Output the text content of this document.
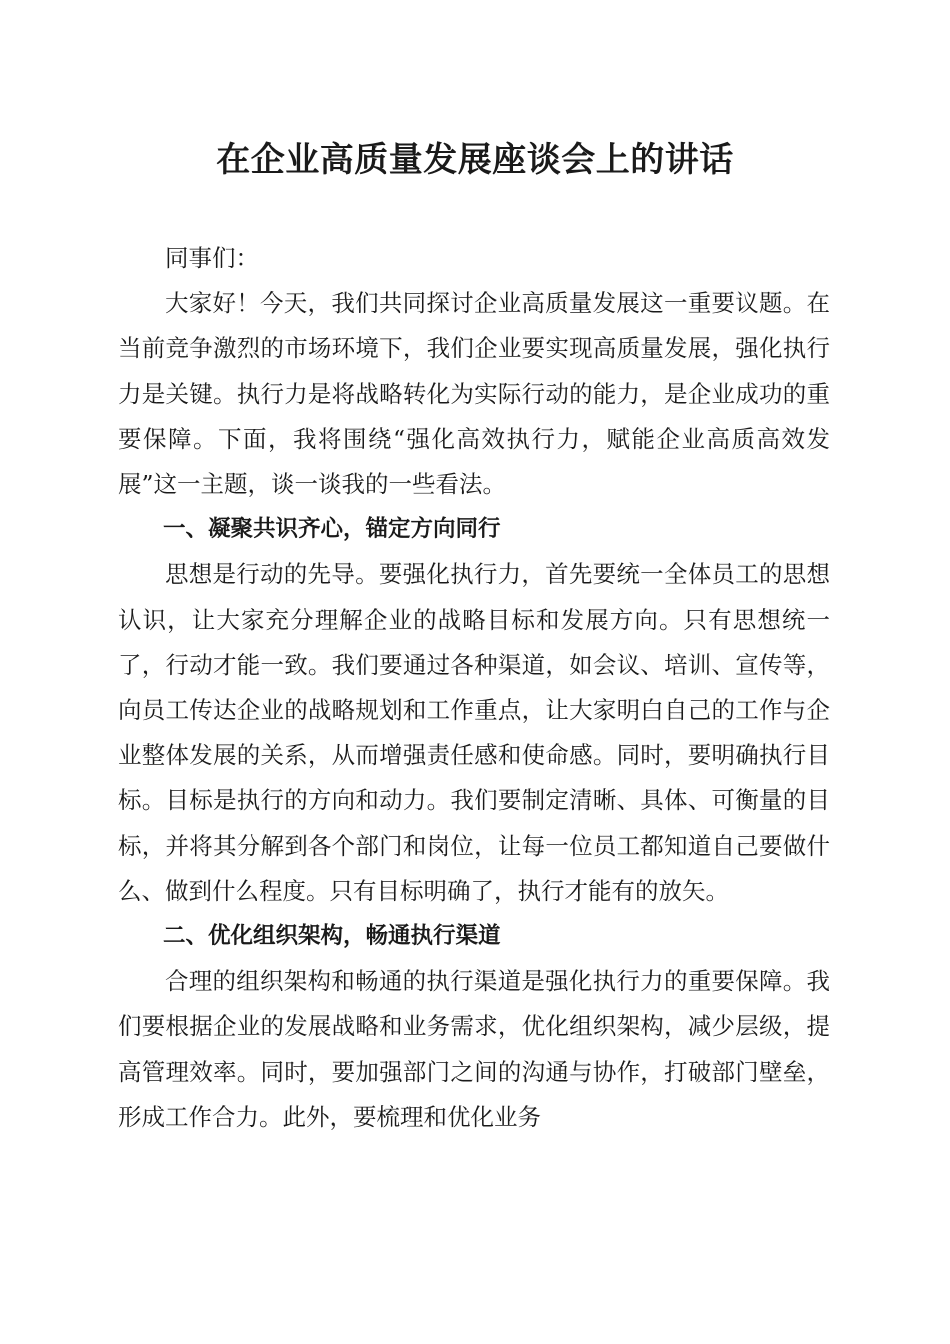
在企业高质量发展座谈会上的讲话

同事们：

大家好！今天，我们共同探讨企业高质量发展这一重要议题。在当前竞争激烈的市场环境下，我们企业要实现高质量发展，强化执行力是关键。执行力是将战略转化为实际行动的能力，是企业成功的重要保障。下面，我将围绕“强化高效执行力，赋能企业高质高效发展”这一主题，谈一谈我的一些看法。

一、凝聚共识齐心，锚定方向同行

思想是行动的先导。要强化执行力，首先要统一全体员工的思想认识，让大家充分理解企业的战略目标和发展方向。只有思想统一了，行动才能一致。我们要通过各种渠道，如会议、培训、宣传等，向员工传达企业的战略规划和工作重点，让大家明白自己的工作与企业整体发展的关系，从而增强责任感和使命感。同时，要明确执行目标。目标是执行的方向和动力。我们要制定清晰、具体、可衡量的目标，并将其分解到各个部门和岗位，让每一位员工都知道自己要做什么、做到什么程度。只有目标明确了，执行才能有的放矢。

二、优化组织架构，畅通执行渠道

合理的组织架构和畅通的执行渠道是强化执行力的重要保障。我们要根据企业的发展战略和业务需求，优化组织架构，减少层级，提高管理效率。同时，要加强部门之间的沟通与协作，打破部门壁垒，形成工作合力。此外，要梳理和优化业务
